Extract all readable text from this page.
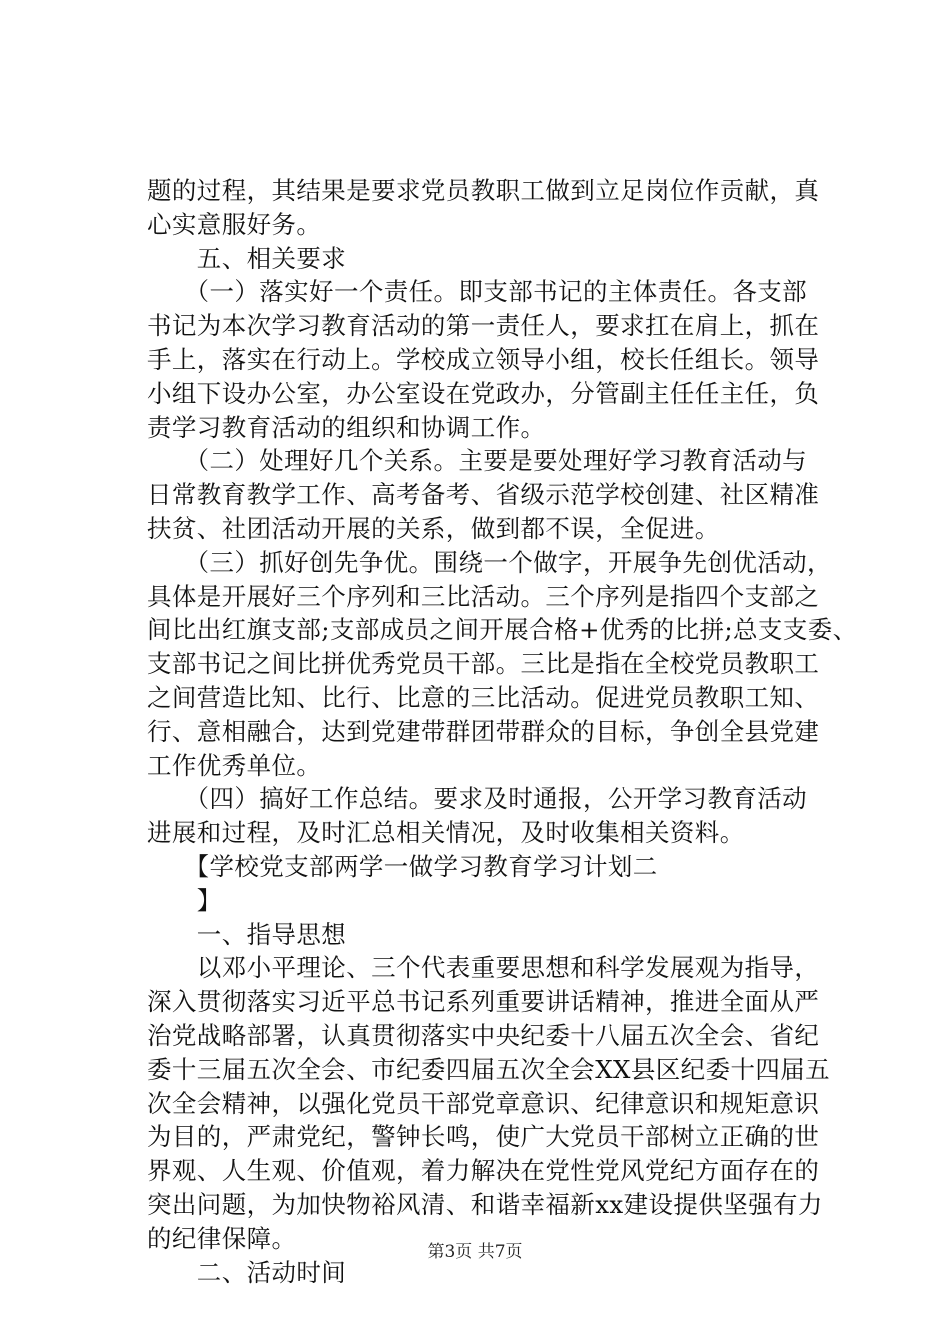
题的过程，其结果是要求党员教职工做到立足岗位作贡献，真
心实意服好务。
　　五、相关要求
　　（一）落实好一个责任。即支部书记的主体责任。各支部
书记为本次学习教育活动的第一责任人，要求扛在肩上，抓在
手上，落实在行动上。学校成立领导小组，校长任组长。领导
小组下设办公室，办公室设在党政办，分管副主任任主任，负
责学习教育活动的组织和协调工作。
　　（二）处理好几个关系。主要是要处理好学习教育活动与
日常教育教学工作、高考备考、省级示范学校创建、社区精准
扶贫、社团活动开展的关系，做到都不误，全促进。
　　（三）抓好创先争优。围绕一个做字，开展争先创优活动，
具体是开展好三个序列和三比活动。三个序列是指四个支部之
间比出红旗支部;支部成员之间开展合格+优秀的比拼;总支支委、
支部书记之间比拼优秀党员干部。三比是指在全校党员教职工
之间营造比知、比行、比意的三比活动。促进党员教职工知、
行、意相融合，达到党建带群团带群众的目标，争创全县党建
工作优秀单位。
　　（四）搞好工作总结。要求及时通报，公开学习教育活动
进展和过程，及时汇总相关情况，及时收集相关资料。
　　【学校党支部两学一做学习教育学习计划二
　　】
　　一、指导思想
　　以邓小平理论、三个代表重要思想和科学发展观为指导，
深入贯彻落实习近平总书记系列重要讲话精神，推进全面从严
治党战略部署，认真贯彻落实中央纪委十八届五次全会、省纪
委十三届五次全会、市纪委四届五次全会XX县区纪委十四届五
次全会精神，以强化党员干部党章意识、纪律意识和规矩意识
为目的，严肃党纪，警钟长鸣，使广大党员干部树立正确的世
界观、人生观、价值观，着力解决在党性党风党纪方面存在的
突出问题，为加快物裕风清、和谐幸福新xx建设提供坚强有力
的纪律保障。
　　二、活动时间
第3页 共7页
